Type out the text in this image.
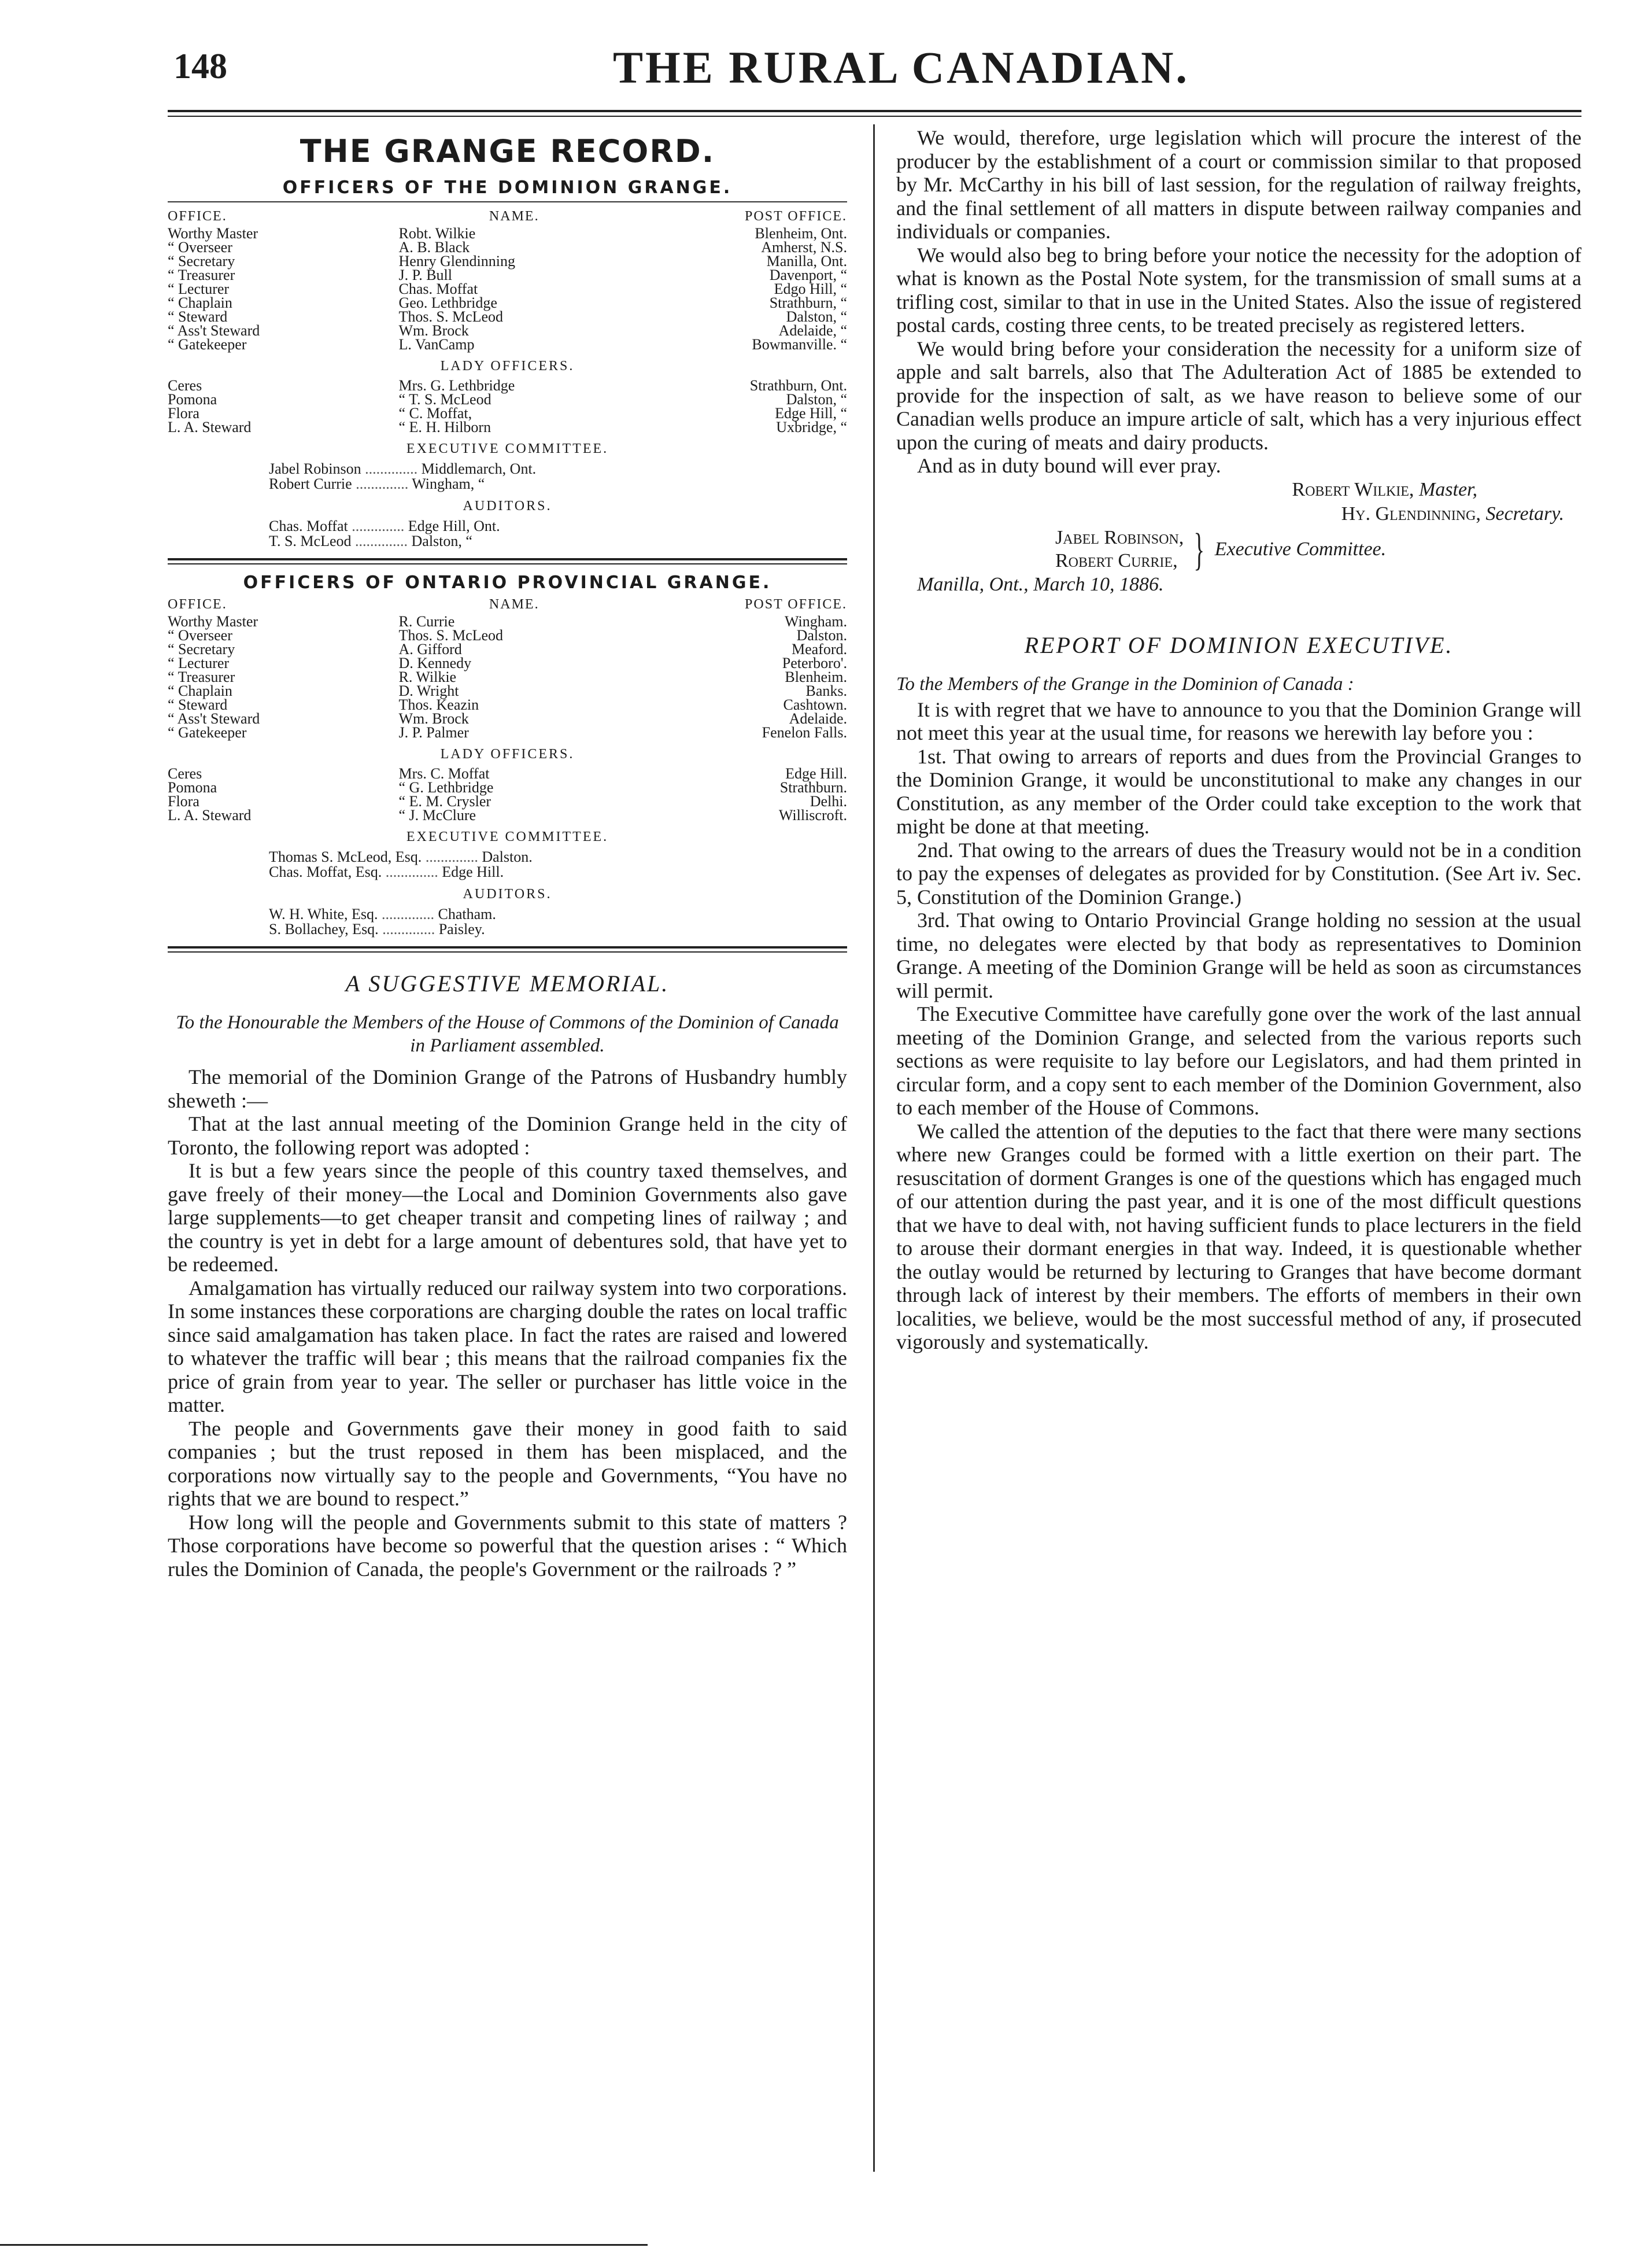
148	THE RURAL CANADIAN.
THE GRANGE RECORD.
OFFICERS OF THE DOMINION GRANGE.
OFFICE.	NAME.	POST OFFICE.
Worthy Master	Robt. Wilkie	Blenheim, Ont.
“ Overseer	A. B. Black	Amherst, N.S.
“ Secretary	Henry Glendinning	Manilla, Ont.
“ Treasurer	J. P. Bull	Davenport, “
“ Lecturer	Chas. Moffat	Edgo Hill, “
“ Chaplain	Geo. Lethbridge	Strathburn, “
“ Steward	Thos. S. McLeod	Dalston, “
“ Ass't Steward	Wm. Brock	Adelaide, “
“ Gatekeeper	L. VanCamp	Bowmanville. “
LADY OFFICERS.
Ceres	Mrs. G. Lethbridge	Strathburn, Ont.
Pomona	“ T. S. McLeod	Dalston, “
Flora	“ C. Moffat,	Edge Hill, “
L. A. Steward	“ E. H. Hilborn	Uxbridge, “
EXECUTIVE COMMITTEE.
Jabel Robinson .............. Middlemarch, Ont.
Robert Currie .............. Wingham, “
AUDITORS.
Chas. Moffat .............. Edge Hill, Ont.
T. S. McLeod .............. Dalston, “
OFFICERS OF ONTARIO PROVINCIAL GRANGE.
OFFICE.	NAME.	POST OFFICE.
Worthy Master	R. Currie	Wingham.
“ Overseer	Thos. S. McLeod	Dalston.
“ Secretary	A. Gifford	Meaford.
“ Lecturer	D. Kennedy	Peterboro'.
“ Treasurer	R. Wilkie	Blenheim.
“ Chaplain	D. Wright	Banks.
“ Steward	Thos. Keazin	Cashtown.
“ Ass't Steward	Wm. Brock	Adelaide.
“ Gatekeeper	J. P. Palmer	Fenelon Falls.
LADY OFFICERS.
Ceres	Mrs. C. Moffat	Edge Hill.
Pomona	“ G. Lethbridge	Strathburn.
Flora	“ E. M. Crysler	Delhi.
L. A. Steward	“ J. McClure	Williscroft.
EXECUTIVE COMMITTEE.
Thomas S. McLeod, Esq. .............. Dalston.
Chas. Moffat, Esq. .............. Edge Hill.
AUDITORS.
W. H. White, Esq. .............. Chatham.
S. Bollachey, Esq. .............. Paisley.
A SUGGESTIVE MEMORIAL.
To the Honourable the Members of the House of Commons of the Dominion of Canada in Parliament assembled.

The memorial of the Dominion Grange of the Patrons of Husbandry humbly sheweth :—

That at the last annual meeting of the Dominion Grange held in the city of Toronto, the following report was adopted :

It is but a few years since the people of this country taxed themselves, and gave freely of their money—the Local and Dominion Governments also gave large supplements—to get cheaper transit and competing lines of railway ; and the country is yet in debt for a large amount of debentures sold, that have yet to be redeemed.

Amalgamation has virtually reduced our railway system into two corporations. In some instances these corporations are charging double the rates on local traffic since said amalgamation has taken place. In fact the rates are raised and lowered to whatever the traffic will bear ; this means that the railroad companies fix the price of grain from year to year. The seller or purchaser has little voice in the matter.

The people and Governments gave their money in good faith to said companies ; but the trust reposed in them has been misplaced, and the corporations now virtually say to the people and Governments, “You have no rights that we are bound to respect.”

How long will the people and Governments submit to this state of matters ? Those corporations have become so powerful that the question arises : “ Which rules the Dominion of Canada, the people's Government or the railroads ? ”

We would, therefore, urge legislation which will procure the interest of the producer by the establishment of a court or commission similar to that proposed by Mr. McCarthy in his bill of last session, for the regulation of railway freights, and the final settlement of all matters in dispute between railway companies and individuals or companies.

We would also beg to bring before your notice the necessity for the adoption of what is known as the Postal Note system, for the transmission of small sums at a trifling cost, similar to that in use in the United States. Also the issue of registered postal cards, costing three cents, to be treated precisely as registered letters.

We would bring before your consideration the necessity for a uniform size of apple and salt barrels, also that The Adulteration Act of 1885 be extended to provide for the inspection of salt, as we have reason to believe some of our Canadian wells produce an impure article of salt, which has a very injurious effect upon the curing of meats and dairy products.

And as in duty bound will ever pray.

Robert Wilkie, Master,
Hy. Glendinning, Secretary.
Jabel Robinson,
Robert Currie, } Executive Committee.
Manilla, Ont., March 10, 1886.
REPORT OF DOMINION EXECUTIVE.
To the Members of the Grange in the Dominion of Canada :

It is with regret that we have to announce to you that the Dominion Grange will not meet this year at the usual time, for reasons we herewith lay before you :

1st. That owing to arrears of reports and dues from the Provincial Granges to the Dominion Grange, it would be unconstitutional to make any changes in our Constitution, as any member of the Order could take exception to the work that might be done at that meeting.

2nd. That owing to the arrears of dues the Treasury would not be in a condition to pay the expenses of delegates as provided for by Constitution. (See Art iv. Sec. 5, Constitution of the Dominion Grange.)

3rd. That owing to Ontario Provincial Grange holding no session at the usual time, no delegates were elected by that body as representatives to Dominion Grange. A meeting of the Dominion Grange will be held as soon as circumstances will permit.

The Executive Committee have carefully gone over the work of the last annual meeting of the Dominion Grange, and selected from the various reports such sections as were requisite to lay before our Legislators, and had them printed in circular form, and a copy sent to each member of the Dominion Government, also to each member of the House of Commons.

We called the attention of the deputies to the fact that there were many sections where new Granges could be formed with a little exertion on their part. The resuscitation of dorment Granges is one of the questions which has engaged much of our attention during the past year, and it is one of the most difficult questions that we have to deal with, not having sufficient funds to place lecturers in the field to arouse their dormant energies in that way. Indeed, it is questionable whether the outlay would be returned by lecturing to Granges that have become dormant through lack of interest by their members. The efforts of members in their own localities, we believe, would be the most successful method of any, if prosecuted vigorously and systematically.
